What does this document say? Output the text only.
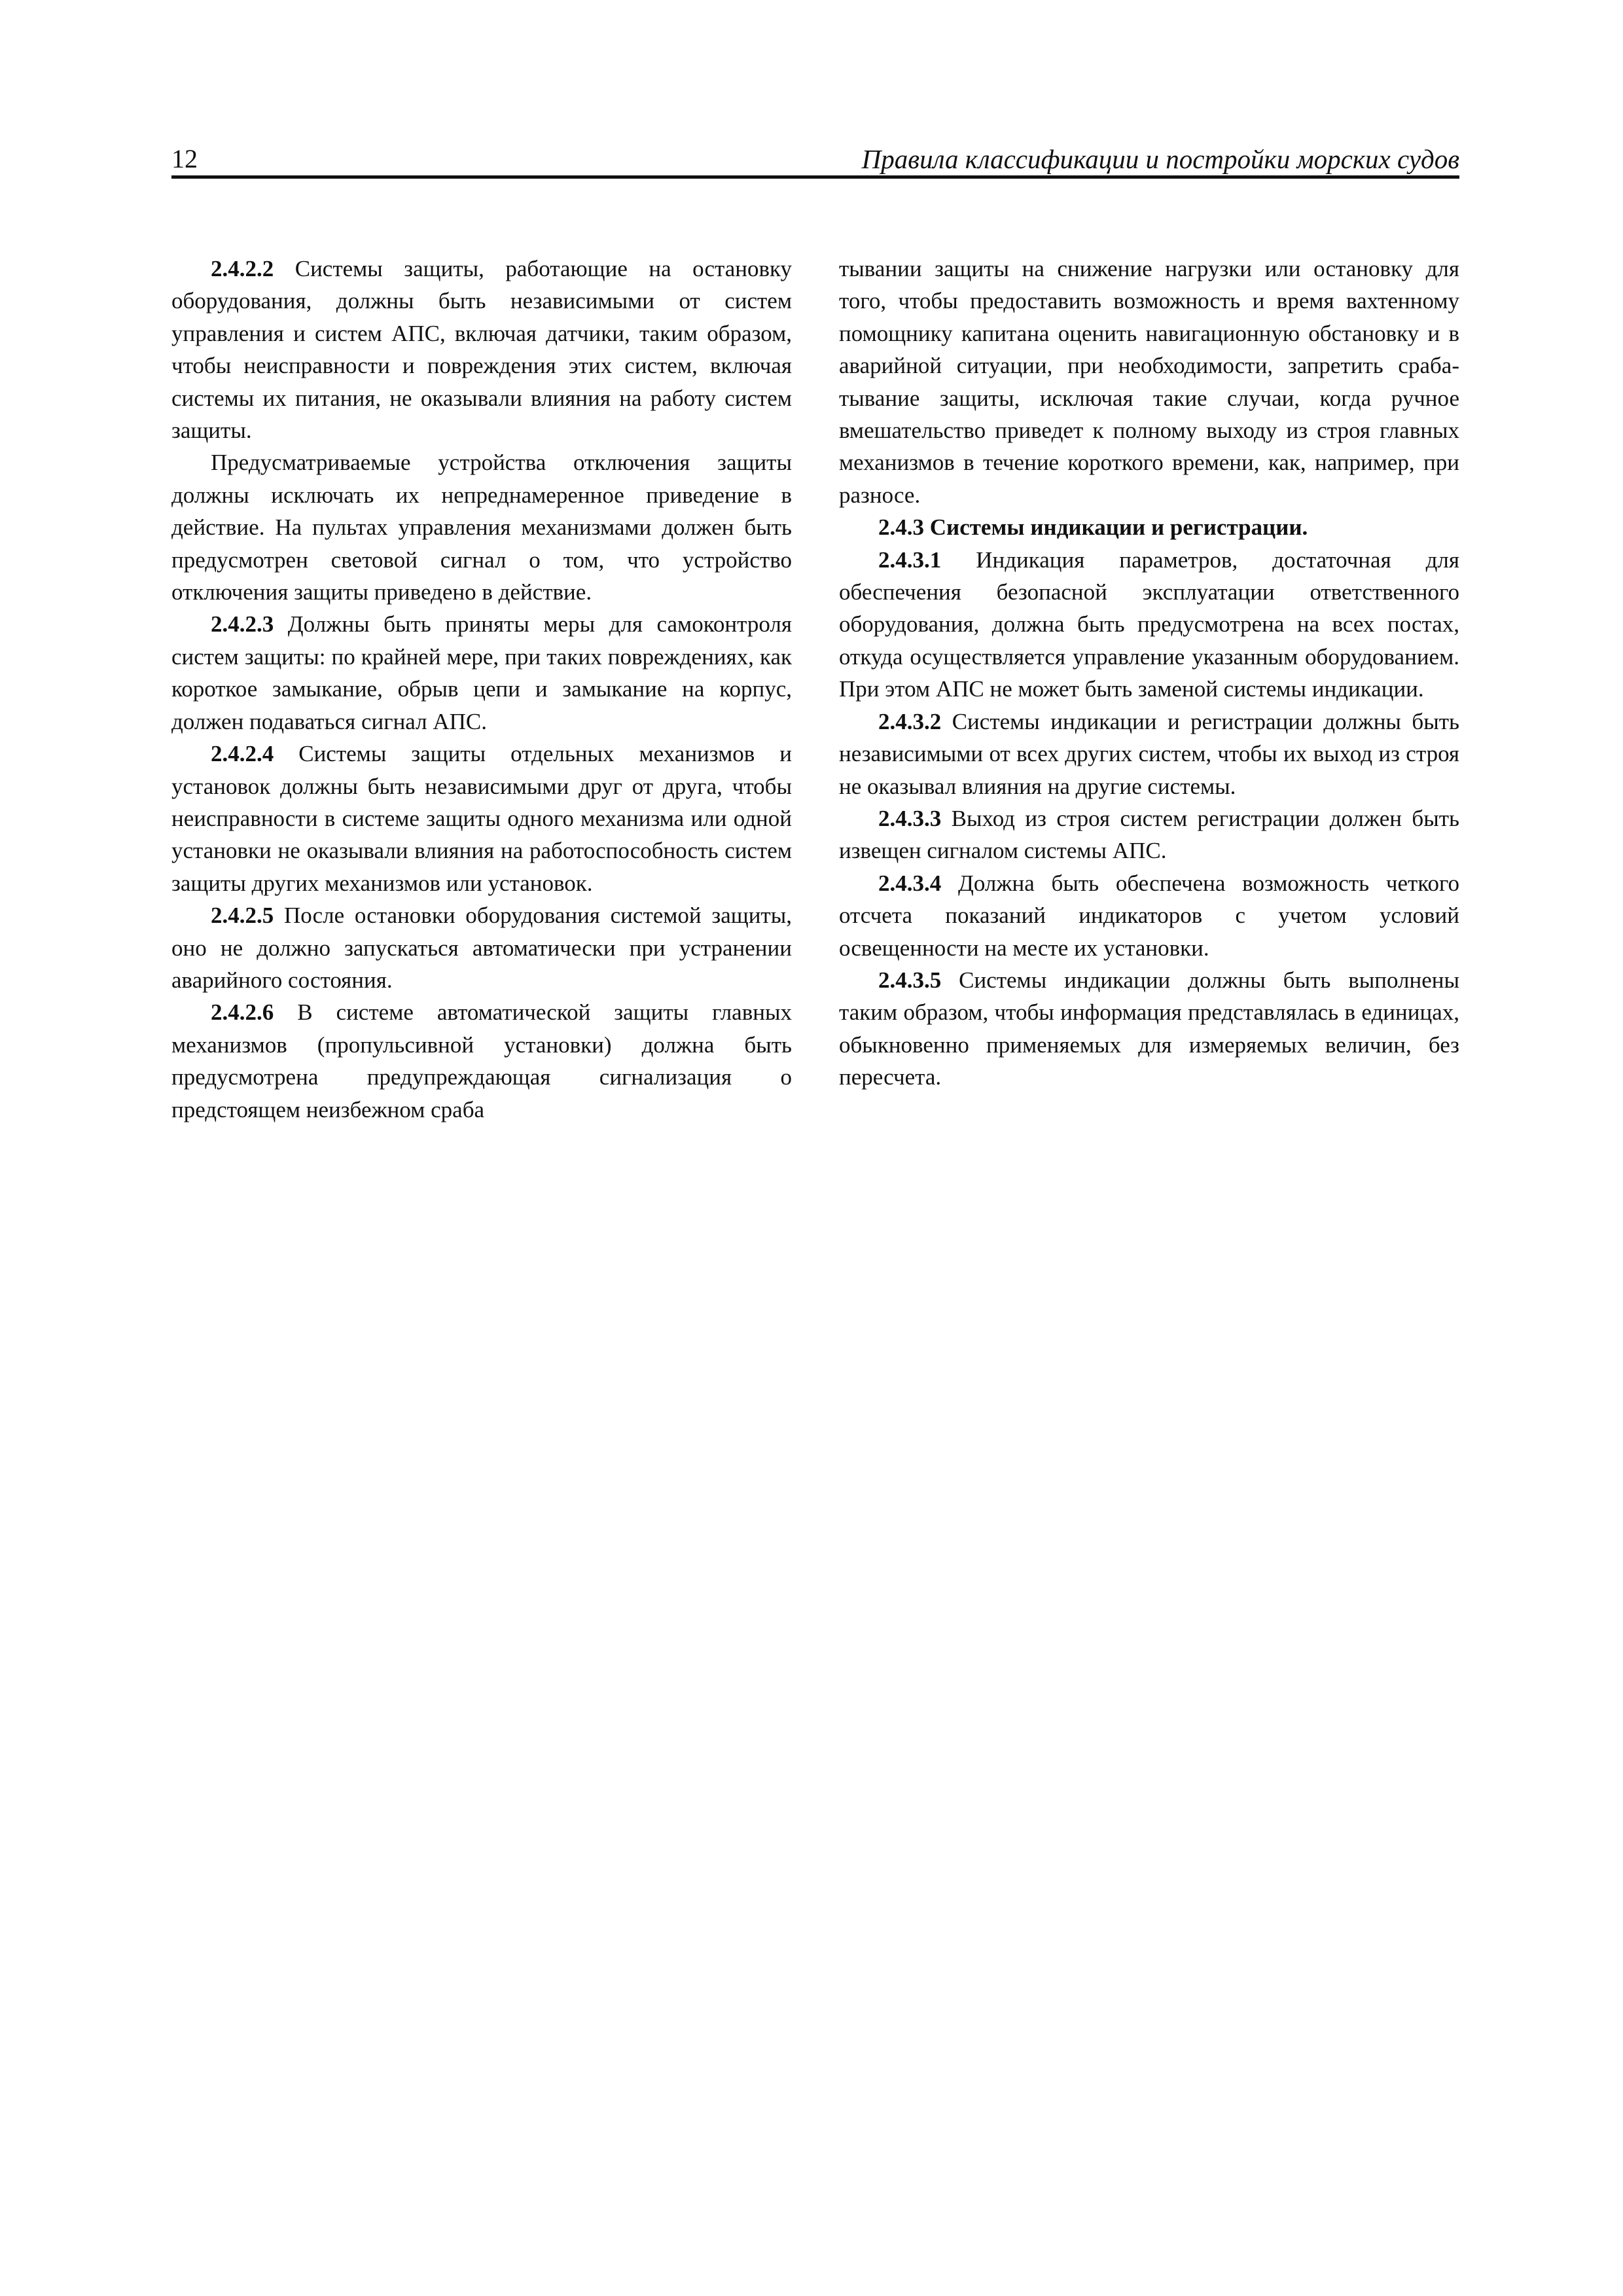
12	Правила классификации и постройки морских судов

2.4.2.2 Системы защиты, работающие на остановку оборудования, должны быть независимыми от систем управления и систем АПС, включая датчики, таким образом, чтобы неисправности и повреждения этих систем, включая системы их питания, не оказывали влияния на работу систем защиты.

Предусматриваемые устройства отключения защиты должны исключать их непреднамеренное приведение в действие. На пультах управления механизмами должен быть предусмотрен световой сигнал о том, что устройство отключения защиты приведено в действие.

2.4.2.3 Должны быть приняты меры для самоконтроля систем защиты: по крайней мере, при таких повреждениях, как короткое замыкание, обрыв цепи и замыкание на корпус, должен подаваться сигнал АПС.

2.4.2.4 Системы защиты отдельных механизмов и установок должны быть независимыми друг от друга, чтобы неисправности в системе защиты одного механизма или одной установки не оказывали влияния на работоспособность систем защиты других механизмов или установок.

2.4.2.5 После остановки оборудования системой защиты, оно не должно запускаться автоматически при устранении аварийного состояния.

2.4.2.6 В системе автоматической защиты главных механизмов (пропульсивной установки) должна быть предусмотрена предупреждающая сигнализация о предстоящем неизбежном сраба

тывании защиты на снижение нагрузки или остановку для того, чтобы предоставить возможность и время вахтенному помощнику капитана оценить навигационную обстановку и в аварийной ситуации, при необходимости, запретить срабатывание защиты, исключая такие случаи, когда ручное вмешательство приведет к полному выходу из строя главных механизмов в течение короткого времени, как, например, при разносе.

2.4.3 Системы индикации и регистрации.

2.4.3.1 Индикация параметров, достаточная для обеспечения безопасной эксплуатации ответственного оборудования, должна быть предусмотрена на всех постах, откуда осуществляется управление указанным оборудованием. При этом АПС не может быть заменой системы индикации.

2.4.3.2 Системы индикации и регистрации должны быть независимыми от всех других систем, чтобы их выход из строя не оказывал влияния на другие системы.

2.4.3.3 Выход из строя систем регистрации должен быть извещен сигналом системы АПС.

2.4.3.4 Должна быть обеспечена возможность четкого отсчета показаний индикаторов с учетом условий освещенности на месте их установки.

2.4.3.5 Системы индикации должны быть выполнены таким образом, чтобы информация представлялась в единицах, обыкновенно применяемых для измеряемых величин, без пересчета.
